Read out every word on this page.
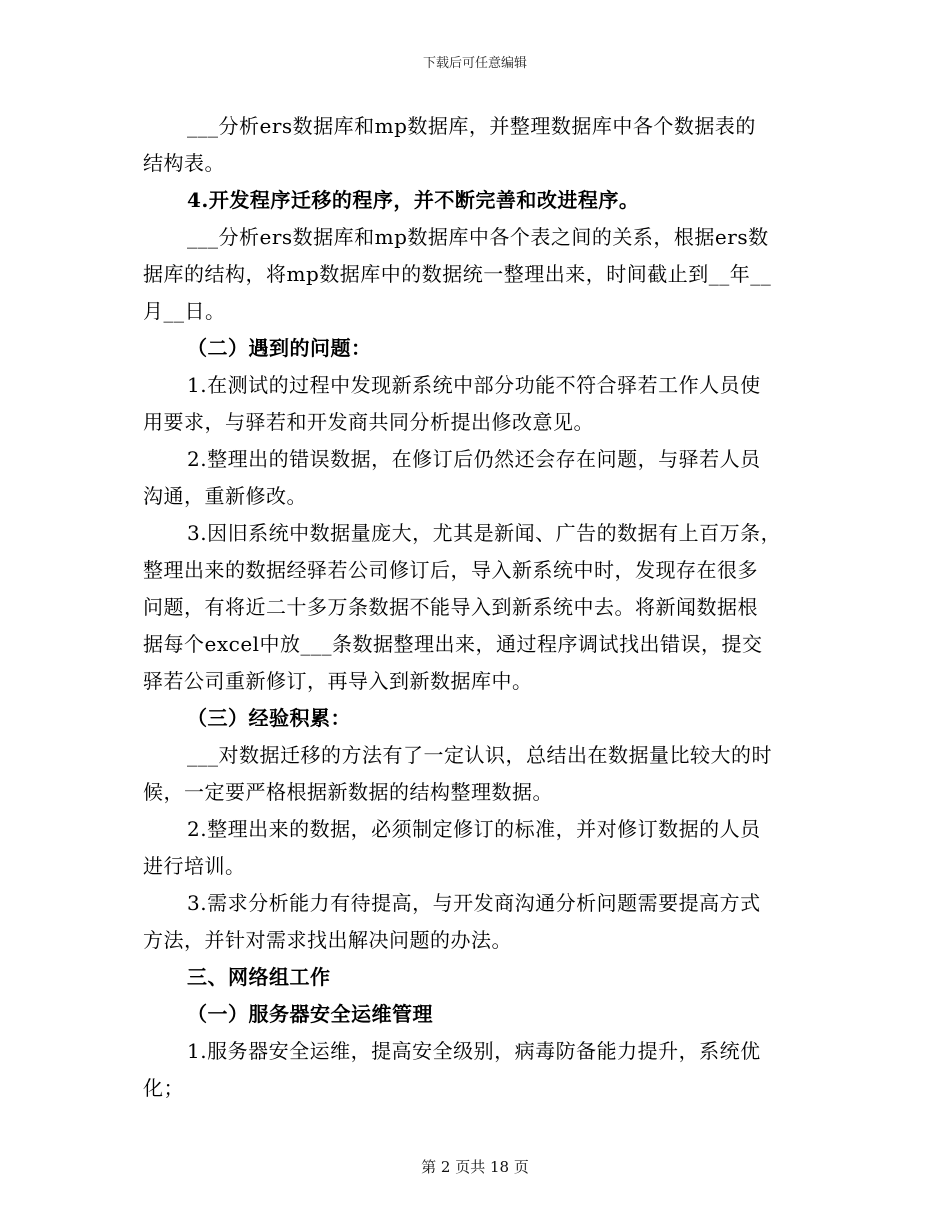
下载后可任意编辑
___分析ers数据库和mp数据库，并整理数据库中各个数据表的
结构表。
4.开发程序迁移的程序，并不断完善和改进程序。
___分析ers数据库和mp数据库中各个表之间的关系，根据ers数
据库的结构，将mp数据库中的数据统一整理出来，时间截止到__年__
月__日。
（二）遇到的问题：
1.在测试的过程中发现新系统中部分功能不符合驿若工作人员使
用要求，与驿若和开发商共同分析提出修改意见。
2.整理出的错误数据，在修订后仍然还会存在问题，与驿若人员
沟通，重新修改。
3.因旧系统中数据量庞大，尤其是新闻、广告的数据有上百万条，
整理出来的数据经驿若公司修订后，导入新系统中时，发现存在很多
问题，有将近二十多万条数据不能导入到新系统中去。将新闻数据根
据每个excel中放___条数据整理出来，通过程序调试找出错误，提交
驿若公司重新修订，再导入到新数据库中。
（三）经验积累：
___对数据迁移的方法有了一定认识，总结出在数据量比较大的时
候，一定要严格根据新数据的结构整理数据。
2.整理出来的数据，必须制定修订的标准，并对修订数据的人员
进行培训。
3.需求分析能力有待提高，与开发商沟通分析问题需要提高方式
方法，并针对需求找出解决问题的办法。
三、网络组工作
（一）服务器安全运维管理
1.服务器安全运维，提高安全级别，病毒防备能力提升，系统优
化；
第 2 页共 18 页
